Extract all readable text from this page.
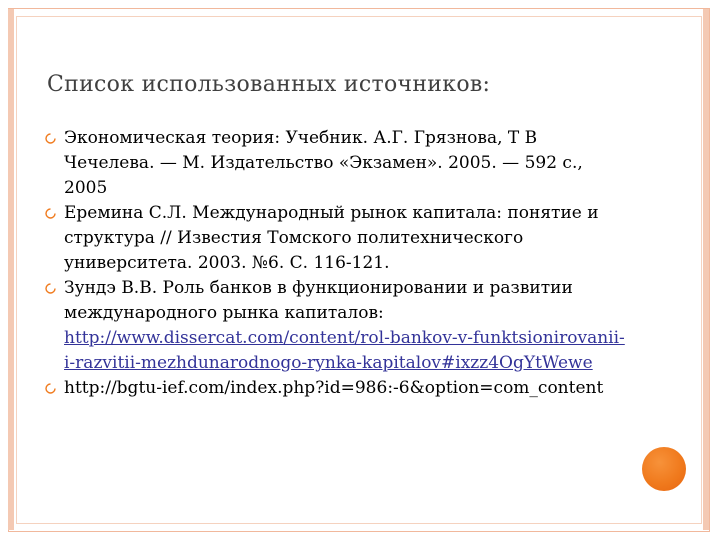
Список использованных источников:
Экономическая теория: Учебник. А.Г. Грязнова, Т В Чечелева. — М. Издательство «Экзамен». 2005. — 592 с., 2005
Еремина С.Л. Международный рынок капитала: понятие и структура // Известия Томского политехнического университета. 2003. №6. С. 116-121.
Зундэ В.В. Роль банков в функционировании и развитии международного рынка капиталов: http://www.dissercat.com/content/rol-bankov-v-funktsionirovanii-i-razvitii-mezhdunarodnogo-rynka-kapitalov#ixzz4OgYtWewe
http://bgtu-ief.com/index.php?id=986:-6&option=com_content
